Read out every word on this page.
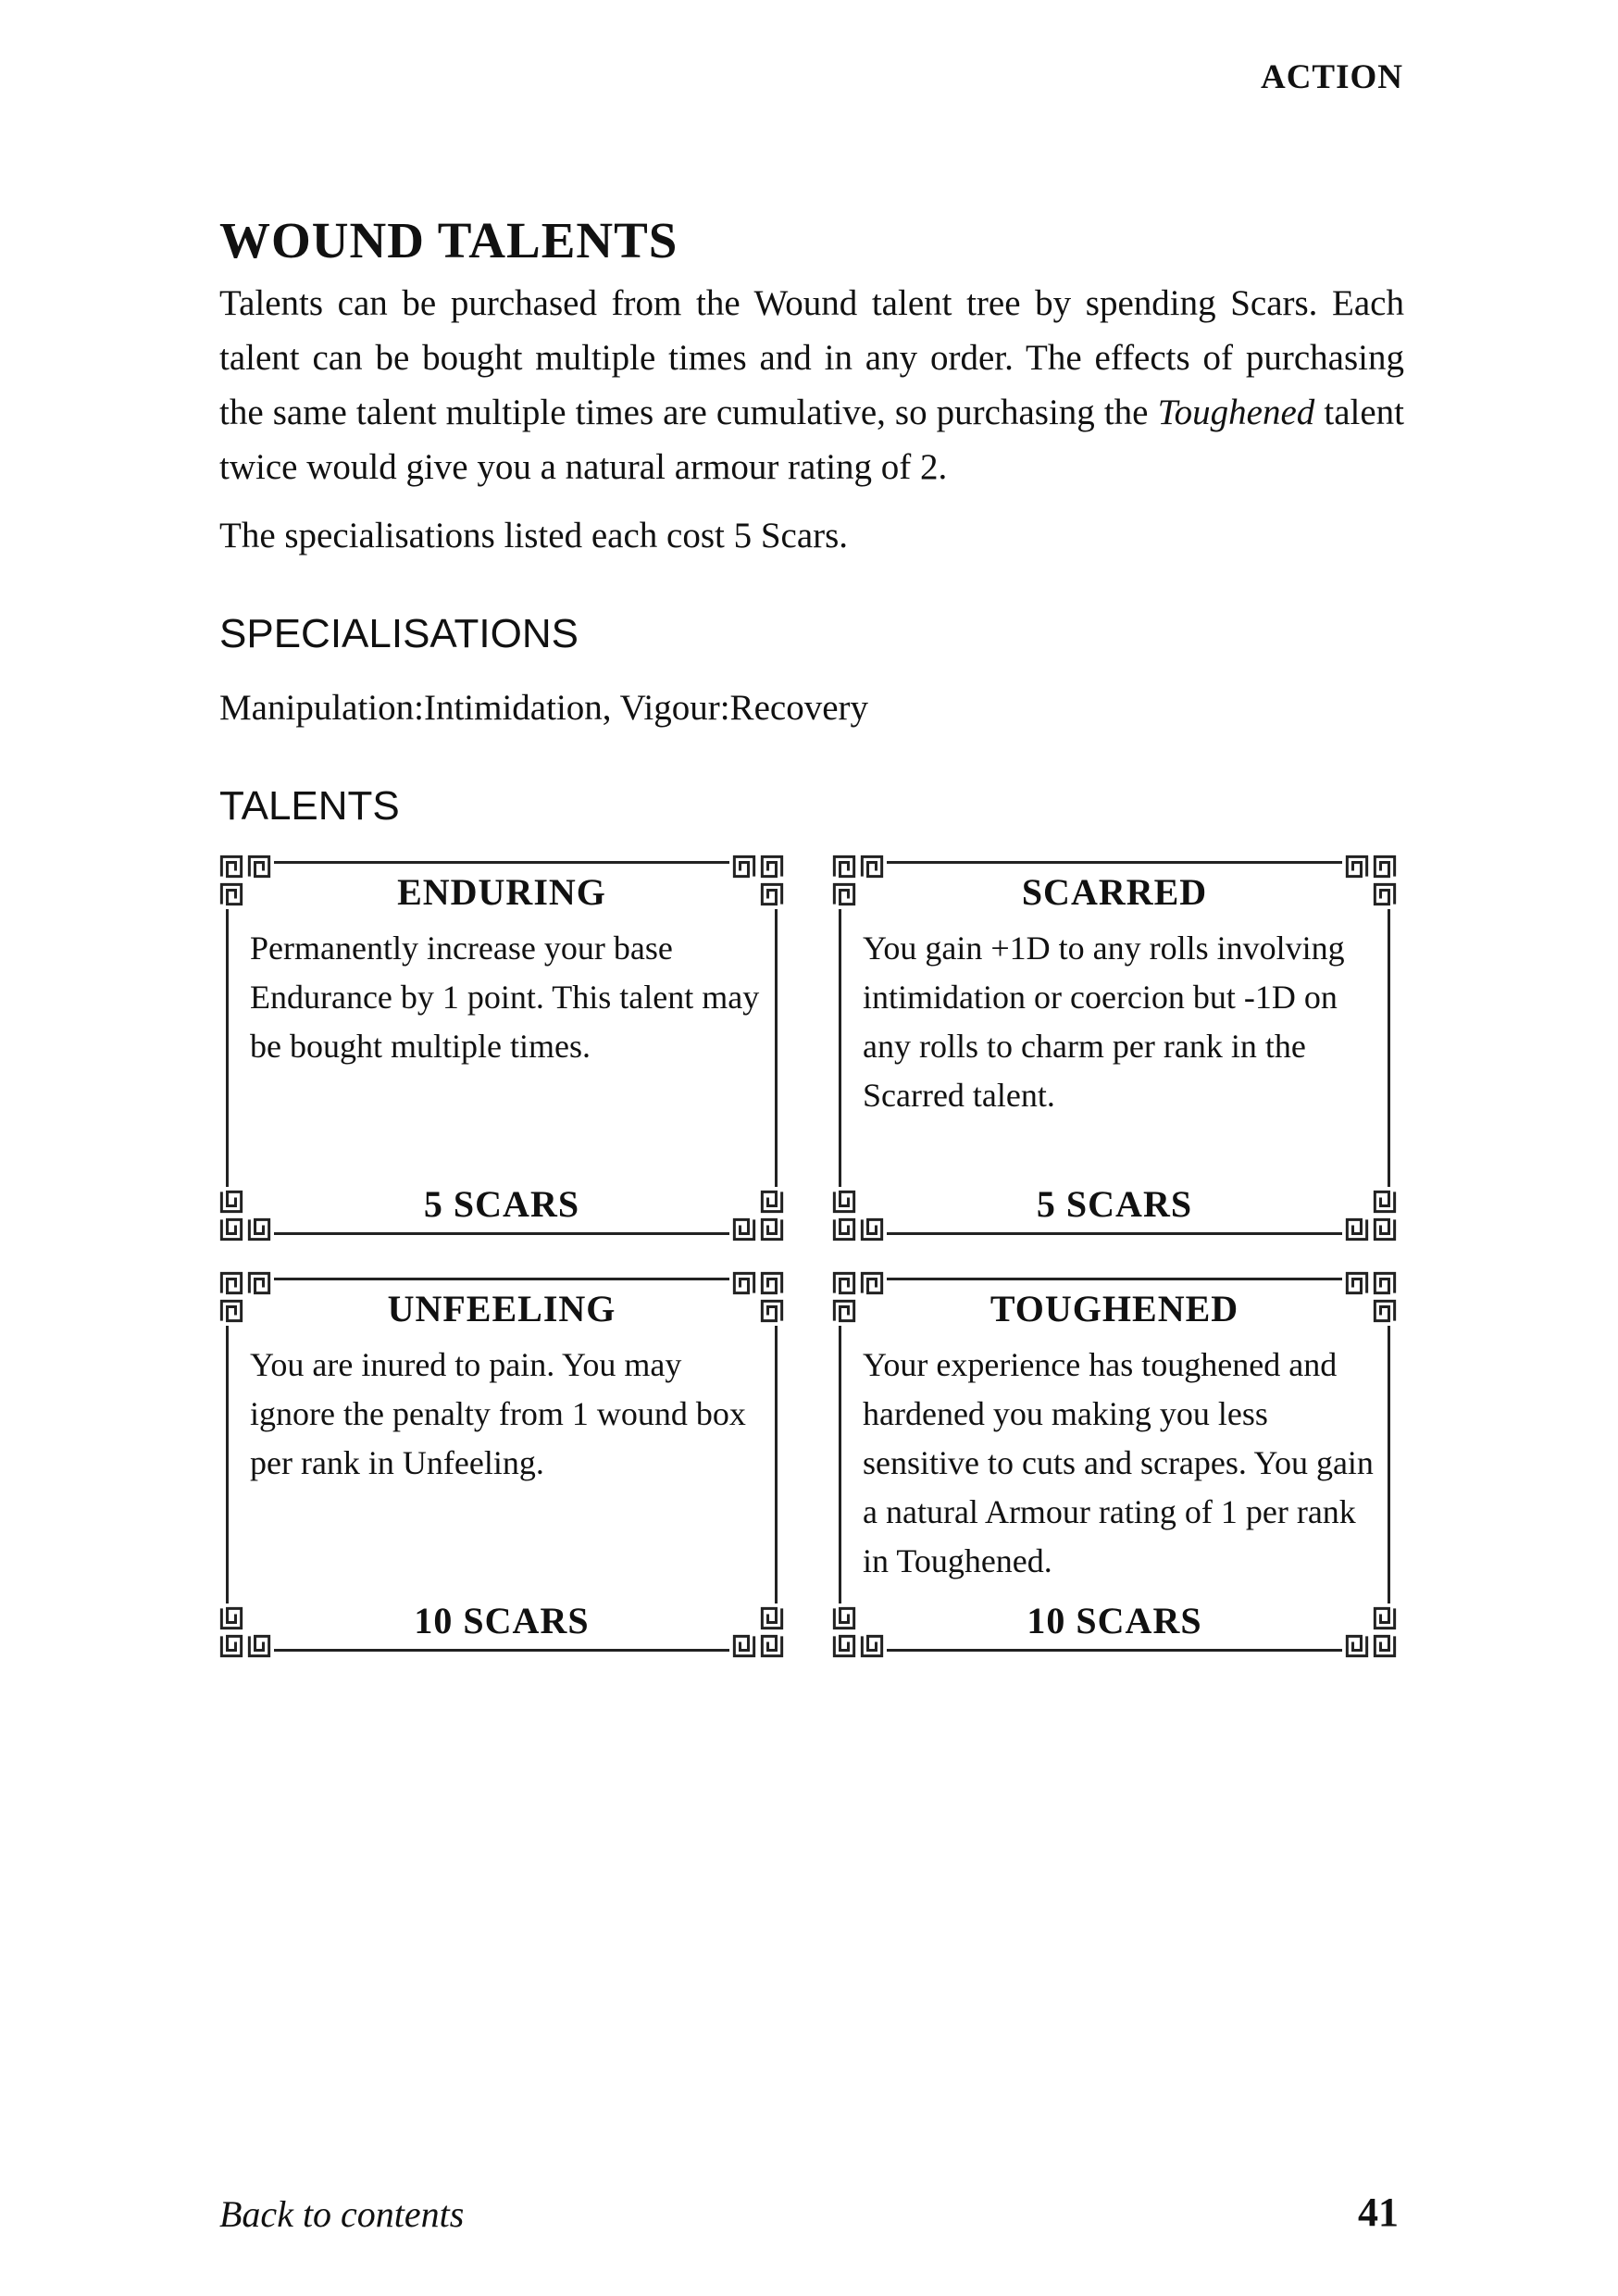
ACTION
WOUND TALENTS

Talents can be purchased from the Wound talent tree by spending Scars. Each talent can be bought multiple times and in any order. The effects of purchasing the same talent multiple times are cumulative, so purchasing the Toughened talent twice would give you a natural armour rating of 2.

The specialisations listed each cost 5 Scars.

SPECIALISATIONS

Manipulation:Intimidation, Vigour:Recovery

TALENTS
ENDURING

Permanently increase your base Endurance by 1 point. This talent may be bought multiple times.

5 SCARS
SCARRED

You gain +1D to any rolls involving intimidation or coercion but -1D on any rolls to charm per rank in the Scarred talent.

5 SCARS
UNFEELING

You are inured to pain. You may ignore the penalty from 1 wound box per rank in Unfeeling.

10 SCARS
TOUGHENED

Your experience has toughened and hardened you making you less sensitive to cuts and scrapes. You gain a natural Armour rating of 1 per rank in Toughened.

10 SCARS
Back to contents	41
